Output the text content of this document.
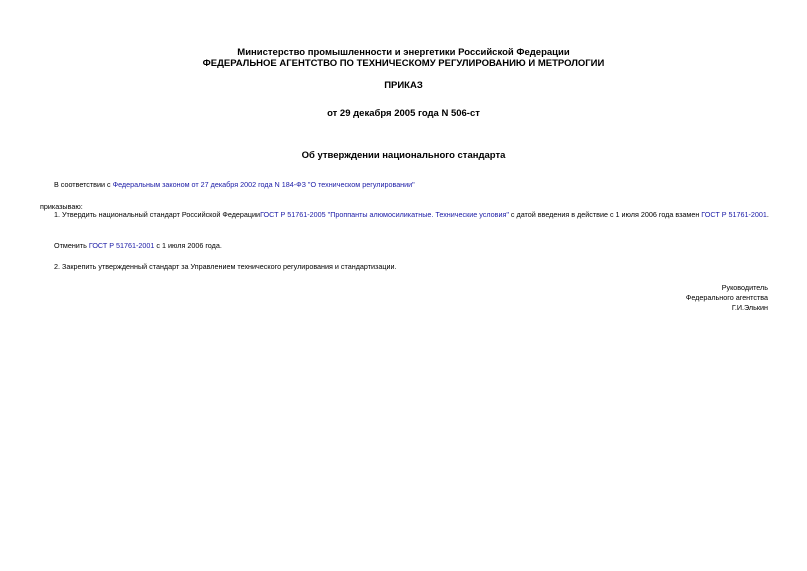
Министерство промышленности и энергетики Российской Федерации
ФЕДЕРАЛЬНОЕ АГЕНТСТВО ПО ТЕХНИЧЕСКОМУ РЕГУЛИРОВАНИЮ И МЕТРОЛОГИИ
ПРИКАЗ
от 29 декабря 2005 года N 506-ст
Об утверждении национального стандарта
В соответствии с Федеральным законом от 27 декабря 2002 года N 184-ФЗ "О техническом регулировании"
приказываю:
1. Утвердить национальный стандарт Российской ФедерацииГОСТ Р 51761-2005 "Проппанты алюмосиликатные. Технические условия" с датой введения в действие с 1 июля 2006 года взамен ГОСТ Р 51761-2001.
Отменить ГОСТ Р 51761-2001 с 1 июля 2006 года.
2. Закрепить утвержденный стандарт за Управлением технического регулирования и стандартизации.
Руководитель
Федерального агентства
Г.И.Элькин
